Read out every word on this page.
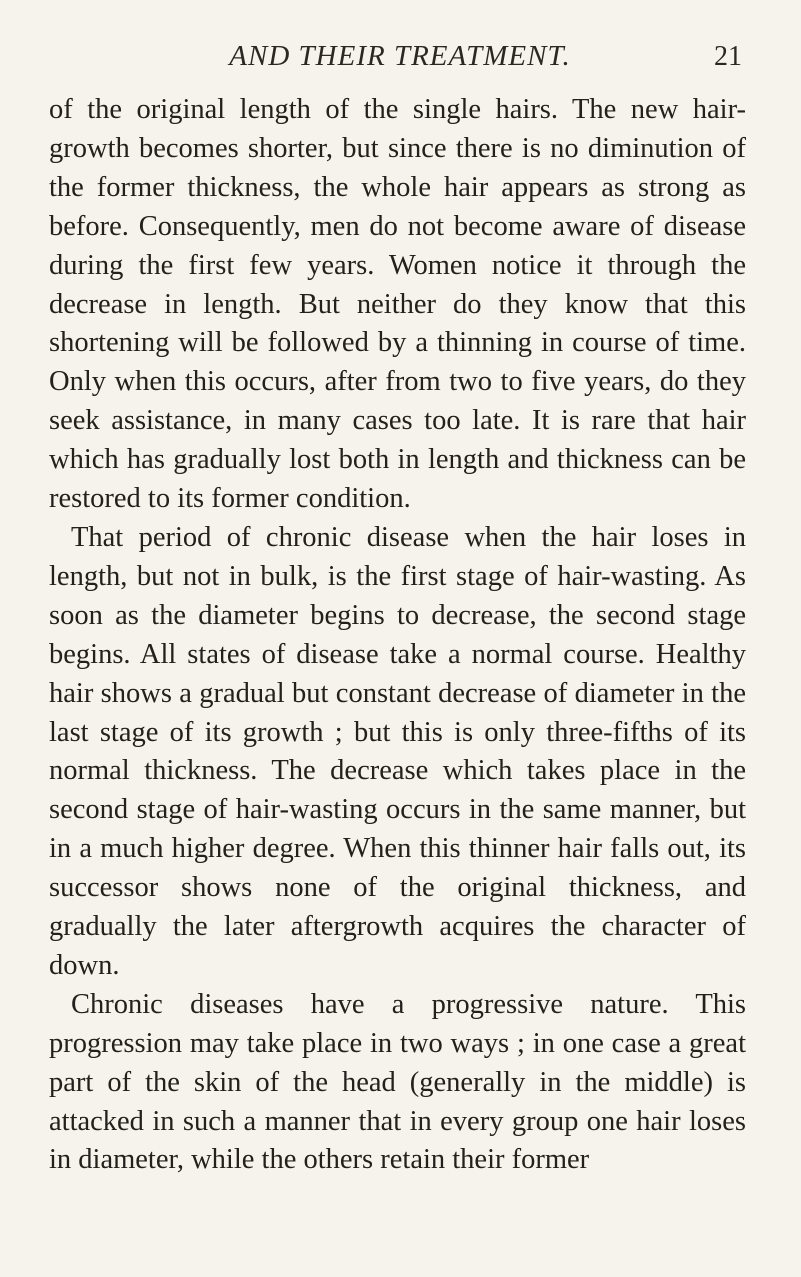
AND THEIR TREATMENT.	21

of the original length of the single hairs. The new hair-growth becomes shorter, but since there is no diminution of the former thickness, the whole hair appears as strong as before. Consequently, men do not become aware of disease during the first few years. Women notice it through the decrease in length. But neither do they know that this shortening will be followed by a thinning in course of time. Only when this occurs, after from two to five years, do they seek assistance, in many cases too late. It is rare that hair which has gradually lost both in length and thickness can be restored to its former condition.

That period of chronic disease when the hair loses in length, but not in bulk, is the first stage of hair-wasting. As soon as the diameter begins to decrease, the second stage begins. All states of disease take a normal course. Healthy hair shows a gradual but constant decrease of diameter in the last stage of its growth ; but this is only three-fifths of its normal thickness. The decrease which takes place in the second stage of hair-wasting occurs in the same manner, but in a much higher degree. When this thinner hair falls out, its successor shows none of the original thickness, and gradually the later aftergrowth acquires the character of down.

Chronic diseases have a progressive nature. This progression may take place in two ways ; in one case a great part of the skin of the head (generally in the middle) is attacked in such a manner that in every group one hair loses in diameter, while the others retain their former
